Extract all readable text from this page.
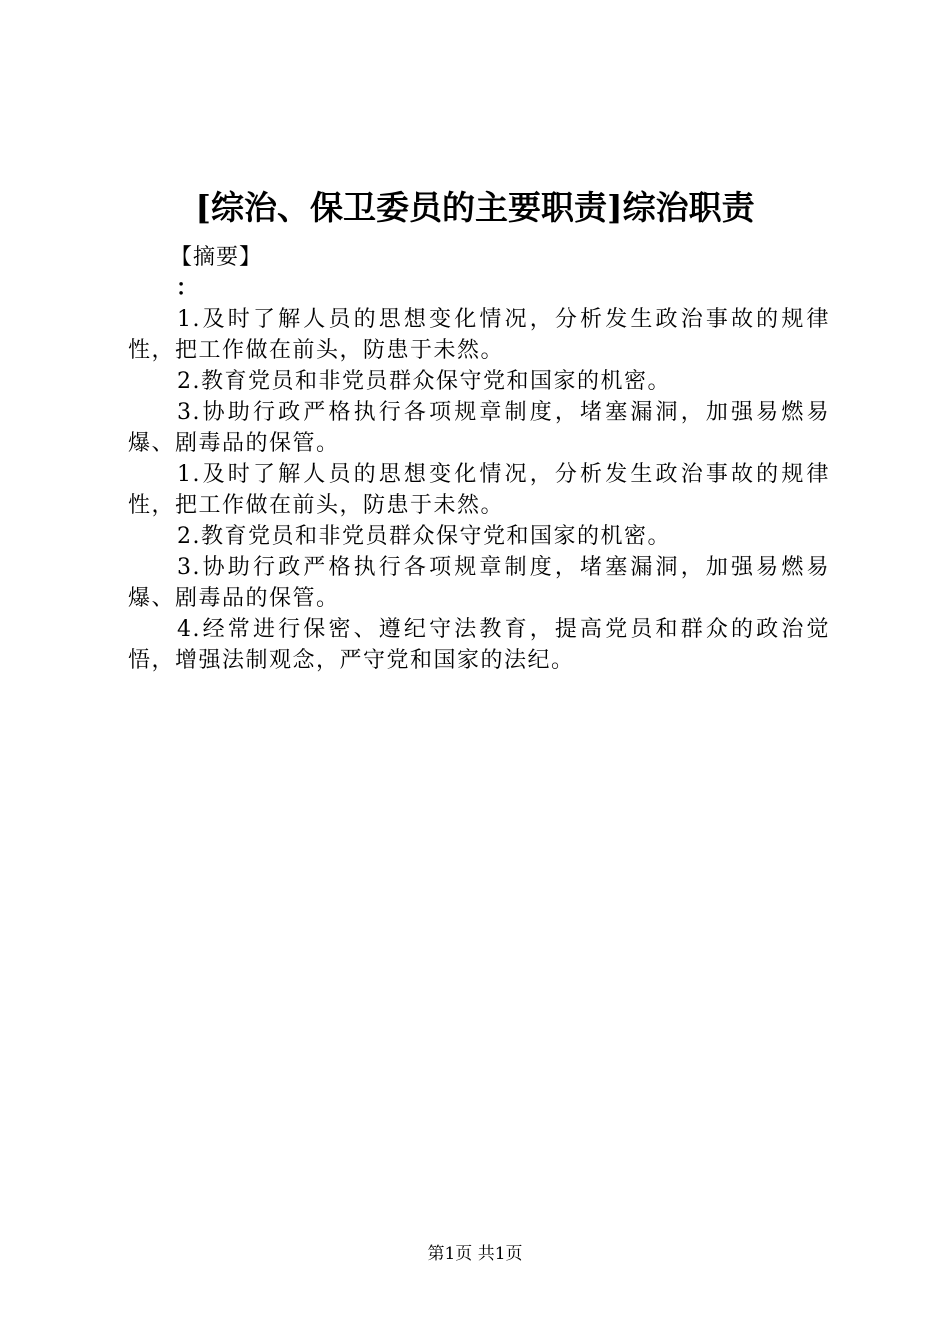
[综治、保卫委员的主要职责]综治职责

【摘要】

：

1.及时了解人员的思想变化情况，分析发生政治事故的规律性，把工作做在前头，防患于未然。

2.教育党员和非党员群众保守党和国家的机密。

3.协助行政严格执行各项规章制度，堵塞漏洞，加强易燃易爆、剧毒品的保管。

1.及时了解人员的思想变化情况，分析发生政治事故的规律性，把工作做在前头，防患于未然。

2.教育党员和非党员群众保守党和国家的机密。

3.协助行政严格执行各项规章制度，堵塞漏洞，加强易燃易爆、剧毒品的保管。

4.经常进行保密、遵纪守法教育，提高党员和群众的政治觉悟，增强法制观念，严守党和国家的法纪。

第1页 共1页
